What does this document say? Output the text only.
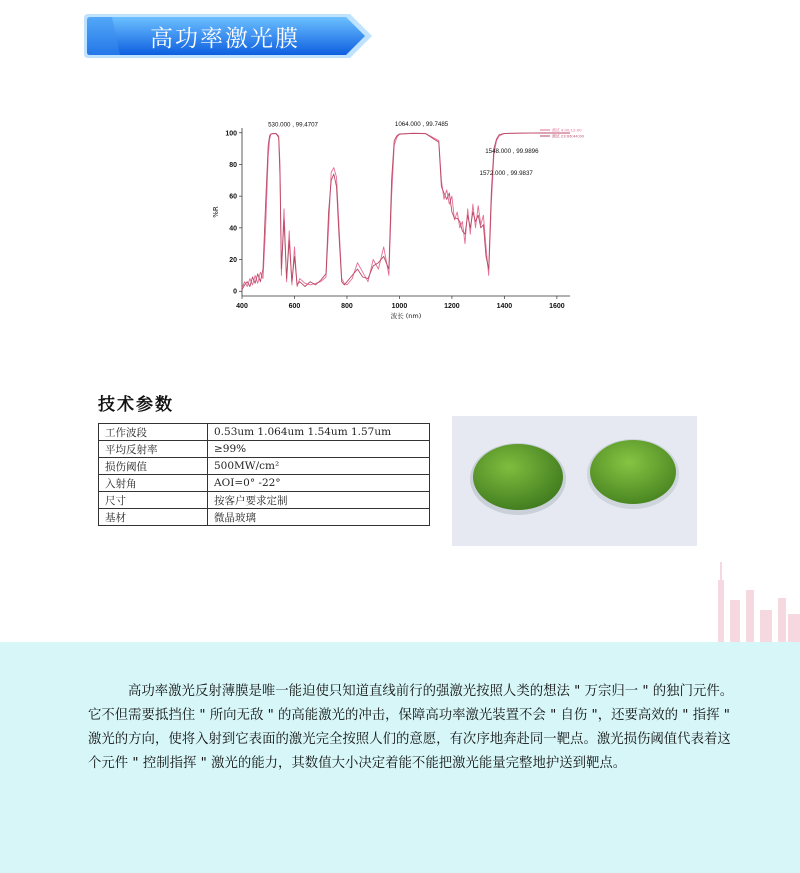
高功率激光膜
400	600	800	1000	1200	1400	1600
0
20
40
60
80
100
波长 (nm)
%R
测试 4:00:12:00
测试 23:06:44:00
530.000 , 99.4707	1064.000 , 99.7485
1548.000 , 99.9896
1572.000 , 99.9837
技术参数
工作波段	0.53um 1.064um 1.54um 1.57um
平均反射率	≥99%
损伤阈值	500MW/cm²
入射角	AOI=0° -22°
尺寸	按客户要求定制
基材	微晶玻璃
高功率激光反射薄膜是唯一能迫使只知道直线前行的强激光按照人类的想法 " 万宗归一 " 的独门元件。它不但需要抵挡住 " 所向无敌 " 的高能激光的冲击，保障高功率激光装置不会 " 自伤 "，还要高效的 " 指挥 " 激光的方向，使将入射到它表面的激光完全按照人们的意愿，有次序地奔赴同一靶点。激光损伤阈值代表着这个元件 " 控制指挥 " 激光的能力，其数值大小决定着能不能把激光能量完整地护送到靶点。
